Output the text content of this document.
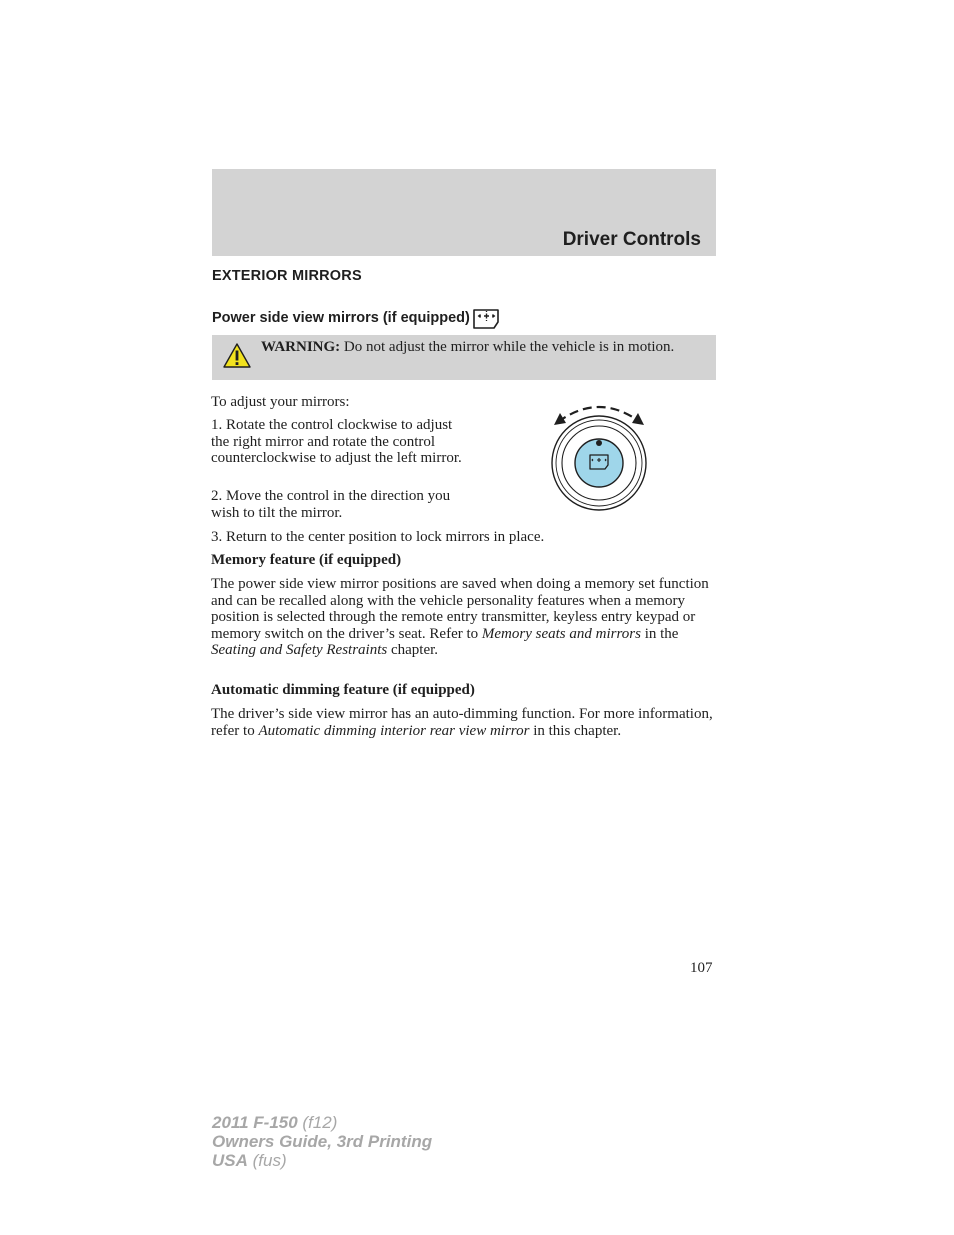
Driver Controls
EXTERIOR MIRRORS
Power side view mirrors (if equipped)
WARNING: Do not adjust the mirror while the vehicle is in motion.

To adjust your mirrors:

1. Rotate the control clockwise to adjust the right mirror and rotate the control counterclockwise to adjust the left mirror.

2. Move the control in the direction you wish to tilt the mirror.

3. Return to the center position to lock mirrors in place.

Memory feature (if equipped)

The power side view mirror positions are saved when doing a memory set function and can be recalled along with the vehicle personality features when a memory position is selected through the remote entry transmitter, keyless entry keypad or memory switch on the driver’s seat. Refer to Memory seats and mirrors in the Seating and Safety Restraints chapter.

Automatic dimming feature (if equipped)

The driver’s side view mirror has an auto-dimming function. For more information, refer to Automatic dimming interior rear view mirror in this chapter.

107
2011 F-150 (f12)
Owners Guide, 3rd Printing
USA (fus)
